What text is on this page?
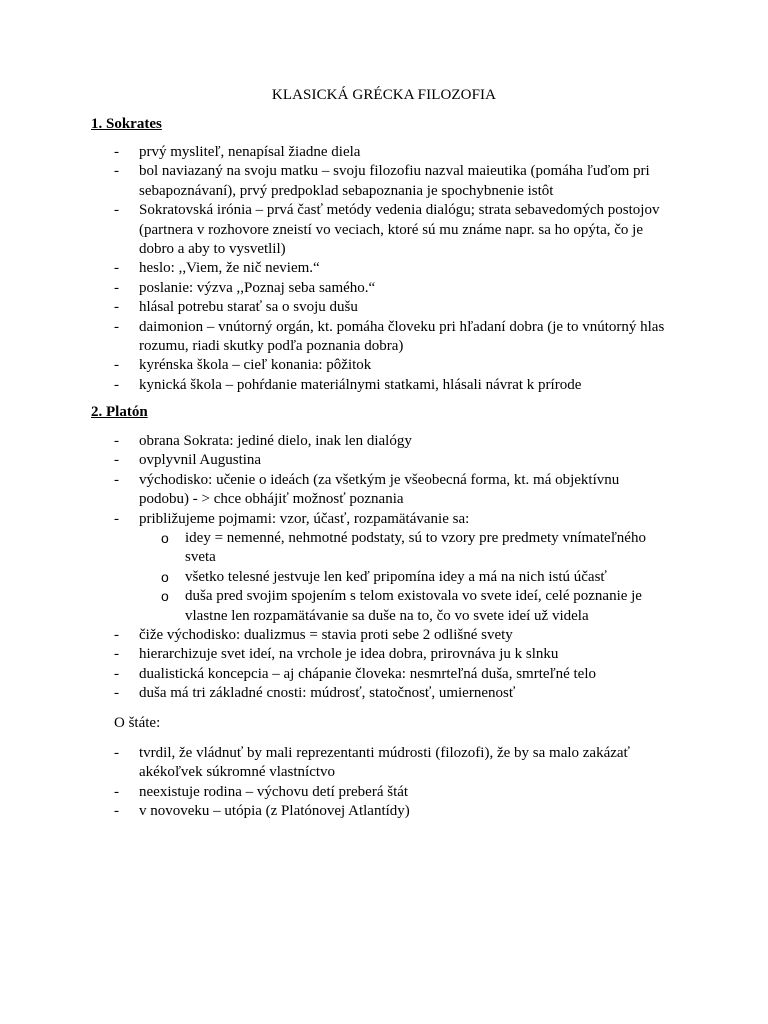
KLASICKÁ GRÉCKA FILOZOFIA
1. Sokrates
- prvý mysliteľ, nenapísal žiadne diela
- bol naviazaný na svoju matku – svoju filozofiu nazval maieutika (pomáha ľuďom pri sebapoznávaní), prvý predpoklad sebapoznania je spochybnenie istôt
- Sokratovská irónia – prvá časť metódy vedenia dialógu; strata sebavedomých postojov (partnera v rozhovore zneistí vo veciach, ktoré sú mu známe napr. sa ho opýta, čo je dobro a aby to vysvetlil)
- heslo: ,,Viem, že nič neviem.“
- poslanie: výzva ,,Poznaj seba samého.“
- hlásal potrebu starať sa o svoju dušu
- daimonion – vnútorný orgán, kt. pomáha človeku pri hľadaní dobra (je to vnútorný hlas rozumu, riadi skutky podľa poznania dobra)
- kyrénska škola – cieľ konania: pôžitok
- kynická škola – pohŕdanie materiálnymi statkami, hlásali návrat k prírode
2. Platón
- obrana Sokrata: jediné dielo, inak len dialógy
- ovplyvnil Augustina
- východisko: učenie o ideách (za všetkým je všeobecná forma, kt. má objektívnu podobu) - > chce obhájiť možnosť poznania
- približujeme pojmami: vzor, účasť, rozpamätávanie sa:
o idey = nemenné, nehmotné podstaty, sú to vzory pre predmety vnímateľného sveta
o všetko telesné jestvuje len keď pripomína idey a má na nich istú účasť
o duša pred svojim spojením s telom existovala vo svete ideí, celé poznanie je vlastne len rozpamätávanie sa duše na to, čo vo svete ideí už videla
- čiže východisko: dualizmus = stavia proti sebe 2 odlišné svety
- hierarchizuje svet ideí, na vrchole je idea dobra, prirovnáva ju k slnku
- dualistická koncepcia – aj chápanie človeka: nesmrteľná duša, smrteľné telo
- duša má tri základné cnosti: múdrosť, statočnosť, umiernenosť
O štáte:
- tvrdil, že vládnuť by mali reprezentanti múdrosti (filozofi), že by sa malo zakázať akékoľvek súkromné vlastníctvo
- neexistuje rodina – výchovu detí preberá štát
- v novoveku – utópia (z Platónovej Atlantídy)
